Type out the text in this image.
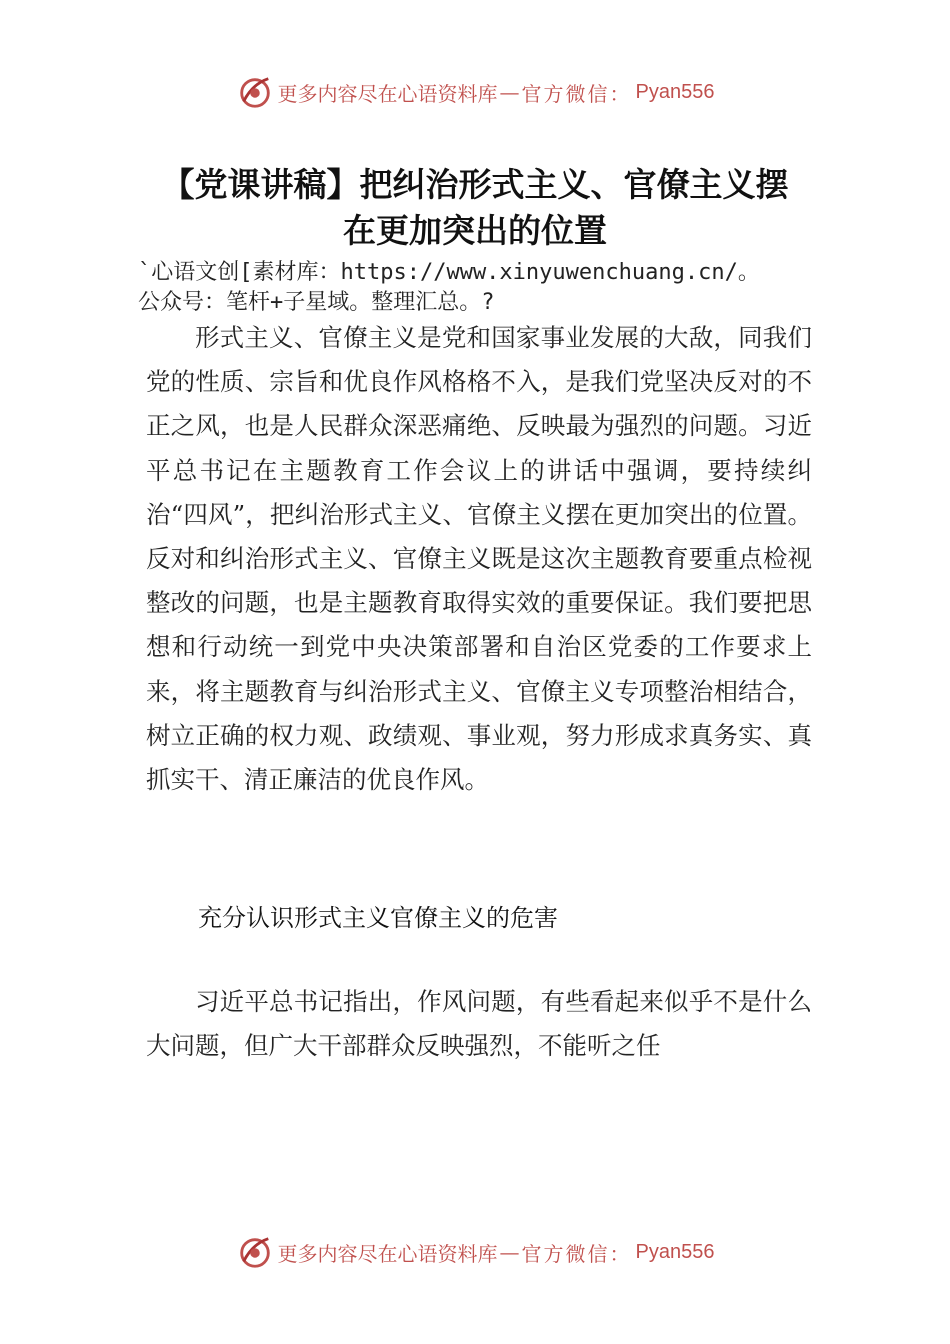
更多内容尽在心语资料库 — 官方微信： Pyan556
【党课讲稿】把纠治形式主义、官僚主义摆
在更加突出的位置
`心语文创[素材库：https://www.xinyuwenchuang.cn/。
公众号：笔杆+子星域。整理汇总。?

形式主义、官僚主义是党和国家事业发展的大敌，同我们党的性质、宗旨和优良作风格格不入，是我们党坚决反对的不正之风，也是人民群众深恶痛绝、反映最为强烈的问题。习近平总书记在主题教育工作会议上的讲话中强调，要持续纠治“四风”，把纠治形式主义、官僚主义摆在更加突出的位置。反对和纠治形式主义、官僚主义既是这次主题教育要重点检视整改的问题，也是主题教育取得实效的重要保证。我们要把思想和行动统一到党中央决策部署和自治区党委的工作要求上来，将主题教育与纠治形式主义、官僚主义专项整治相结合，树立正确的权力观、政绩观、事业观，努力形成求真务实、真抓实干、清正廉洁的优良作风。

充分认识形式主义官僚主义的危害

习近平总书记指出，作风问题，有些看起来似乎不是什么大问题，但广大干部群众反映强烈，不能听之任

更多内容尽在心语资料库 — 官方微信： Pyan556
